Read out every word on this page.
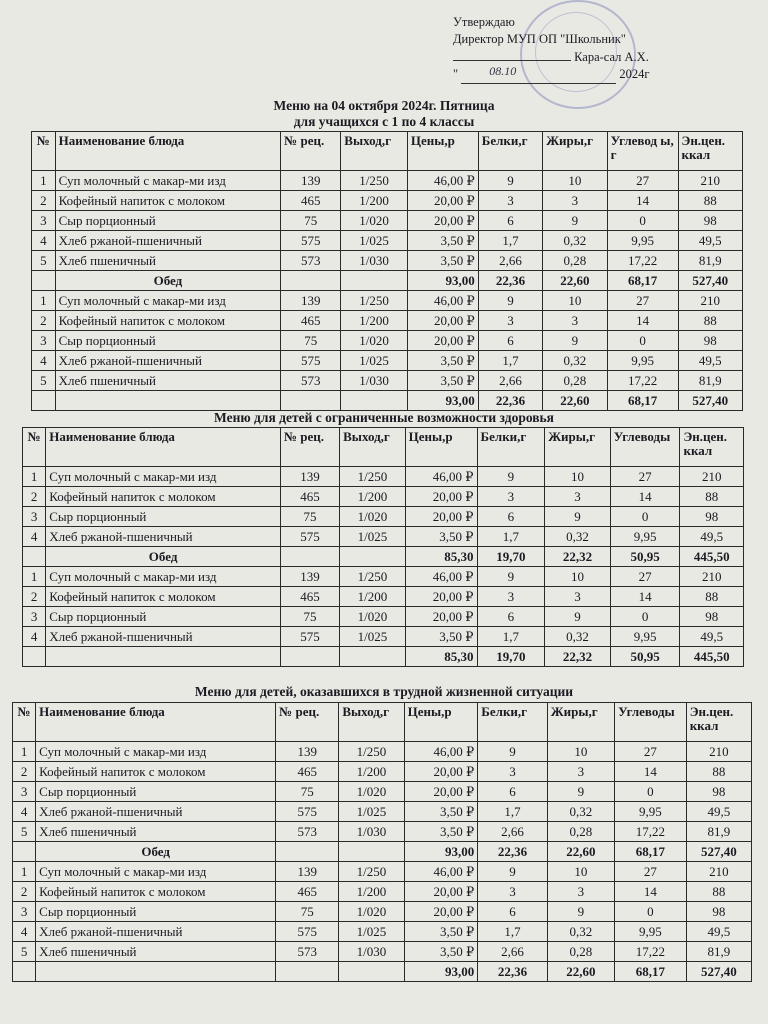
Утверждаю
Директор МУП ОП "Школьник"
Кара-сал А.Х.
"	08.10	2024г
Меню на 04 октября 2024г. Пятница
для учащихся с 1 по 4 классы
№	Наименование блюда	№ рец.	Выход,г	Цены,р	Белки,г	Жиры,г	Углевод ы, г	Эн.цен. ккал
1	Суп молочный с макар-ми изд	139	1/250	46,00 ₽	9	10	27	210
2	Кофейный напиток с молоком	465	1/200	20,00 ₽	3	3	14	88
3	Сыр порционный	75	1/020	20,00 ₽	6	9	0	98
4	Хлеб ржаной-пшеничный	575	1/025	3,50 ₽	1,7	0,32	9,95	49,5
5	Хлеб пшеничный	573	1/030	3,50 ₽	2,66	0,28	17,22	81,9
	Обед			93,00	22,36	22,60	68,17	527,40
1	Суп молочный с макар-ми изд	139	1/250	46,00 ₽	9	10	27	210
2	Кофейный напиток с молоком	465	1/200	20,00 ₽	3	3	14	88
3	Сыр порционный	75	1/020	20,00 ₽	6	9	0	98
4	Хлеб ржаной-пшеничный	575	1/025	3,50 ₽	1,7	0,32	9,95	49,5
5	Хлеб пшеничный	573	1/030	3,50 ₽	2,66	0,28	17,22	81,9
				93,00	22,36	22,60	68,17	527,40
Меню для детей с ограниченные возможности здоровья
№	Наименование блюда	№ рец.	Выход,г	Цены,р	Белки,г	Жиры,г	Углеводы	Эн.цен. ккал
1	Суп молочный с макар-ми изд	139	1/250	46,00 ₽	9	10	27	210
2	Кофейный напиток с молоком	465	1/200	20,00 ₽	3	3	14	88
3	Сыр порционный	75	1/020	20,00 ₽	6	9	0	98
4	Хлеб ржаной-пшеничный	575	1/025	3,50 ₽	1,7	0,32	9,95	49,5
	Обед			85,30	19,70	22,32	50,95	445,50
1	Суп молочный с макар-ми изд	139	1/250	46,00 ₽	9	10	27	210
2	Кофейный напиток с молоком	465	1/200	20,00 ₽	3	3	14	88
3	Сыр порционный	75	1/020	20,00 ₽	6	9	0	98
4	Хлеб ржаной-пшеничный	575	1/025	3,50 ₽	1,7	0,32	9,95	49,5
				85,30	19,70	22,32	50,95	445,50
Меню для детей, оказавшихся в трудной жизненной ситуации
№	Наименование блюда	№ рец.	Выход,г	Цены,р	Белки,г	Жиры,г	Углеводы	Эн.цен. ккал
1	Суп молочный с макар-ми изд	139	1/250	46,00 ₽	9	10	27	210
2	Кофейный напиток с молоком	465	1/200	20,00 ₽	3	3	14	88
3	Сыр порционный	75	1/020	20,00 ₽	6	9	0	98
4	Хлеб ржаной-пшеничный	575	1/025	3,50 ₽	1,7	0,32	9,95	49,5
5	Хлеб пшеничный	573	1/030	3,50 ₽	2,66	0,28	17,22	81,9
	Обед			93,00	22,36	22,60	68,17	527,40
1	Суп молочный с макар-ми изд	139	1/250	46,00 ₽	9	10	27	210
2	Кофейный напиток с молоком	465	1/200	20,00 ₽	3	3	14	88
3	Сыр порционный	75	1/020	20,00 ₽	6	9	0	98
4	Хлеб ржаной-пшеничный	575	1/025	3,50 ₽	1,7	0,32	9,95	49,5
5	Хлеб пшеничный	573	1/030	3,50 ₽	2,66	0,28	17,22	81,9
				93,00	22,36	22,60	68,17	527,40
